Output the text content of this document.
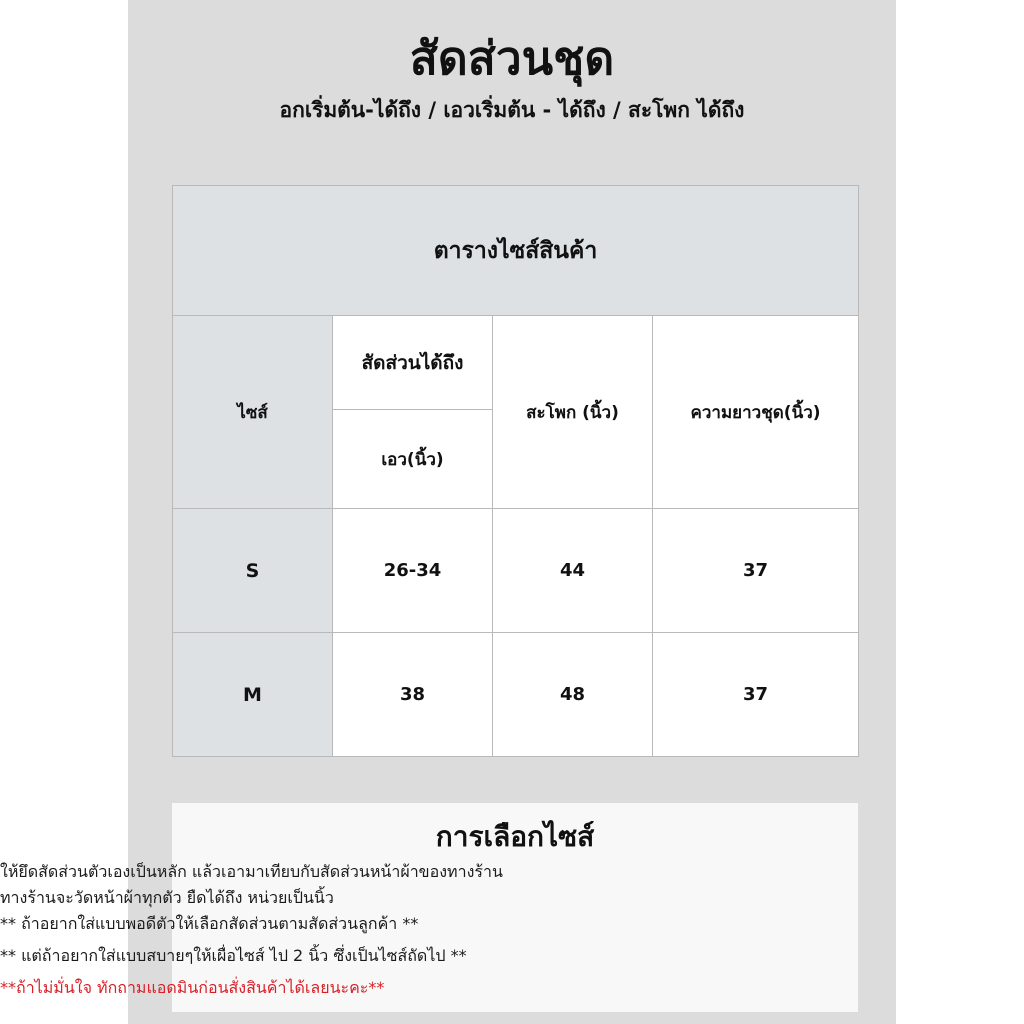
สัดส่วนชุด
อกเริ่มต้น-ได้ถึง / เอวเริ่มต้น - ได้ถึง / สะโพก ได้ถึง
ตารางไซส์สินค้า			
ไซส์	สัดส่วนได้ถึง	สะโพก (นิ้ว)	ความยาวชุด(นิ้ว)
	เอว(นิ้ว)		
S	26-34	44	37
M	38	48	37
การเลือกไซส์
ให้ยึดสัดส่วนตัวเองเป็นหลัก แล้วเอามาเทียบกับสัดส่วนหน้าผ้าของทางร้าน
ทางร้านจะวัดหน้าผ้าทุกตัว ยืดได้ถึง หน่วยเป็นนิ้ว
** ถ้าอยากใส่แบบพอดีตัวให้เลือกสัดส่วนตามสัดส่วนลูกค้า **
** แต่ถ้าอยากใส่แบบสบายๆให้เผื่อไซส์ ไป 2 นิ้ว ซึ่งเป็นไซส์ถัดไป **
**ถ้าไม่มั่นใจ ทักถามแอดมินก่อนสั่งสินค้าได้เลยนะคะ**
